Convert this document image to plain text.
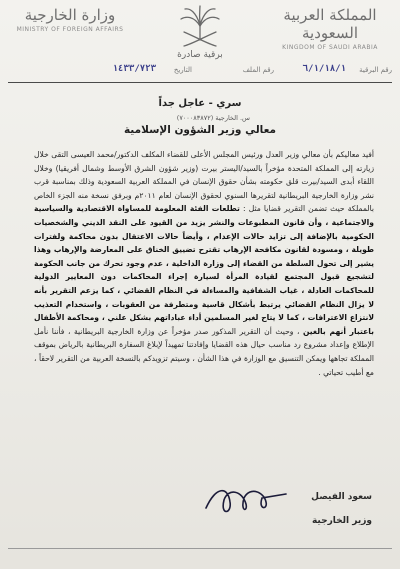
المملكة العربية السعودية
KINGDOM OF SAUDI ARABIA
وزارة الخارجية
MINISTRY OF FOREIGN AFFAIRS
برقية صادرة
رقم البرقية
٦/١/١٨/١
رقم الملف
التاريخ
١٤٣٣/٧٢٣
سري - عاجل جداً
س. الخارجية (٧٠٠٠٨٣٨٧٢)
معالي وزير الشؤون الإسلامية

أفيد معاليكم بأن معالي وزير العدل ورئيس المجلس الأعلى للقضاء المكلف الدكتور/محمد العيسى التقى خلال زيارته إلى المملكة المتحدة مؤخراً بالسيد/اليستر بيرت (وزير شؤون الشرق الأوسط وشمال أفريقيا) وخلال اللقاء أبدى السيد/بيرت قلق حكومته بشأن حقوق الإنسان في المملكة العربية السعودية وذلك بمناسبة قرب نشر وزارة الخارجية البريطانية لتقريرها السنوي لحقوق الإنسان لعام ٢٠١١م وبرفق نسخة منه الجزء الخاص بالمملكة حيث تضمن التقرير قضايا مثل : تطلعات الفئة المعلومة للمساواة الاقتصادية والسياسية والاجتماعية ، وأن قانون المطبوعات والنشر يزيد من القيود على النقد الديني والشخصيات الحكومية بالإضافة إلى تزايد حالات الإعدام ، وأيضاً حالات الاعتقال بدون محاكمة ولفترات طويلة ، ومسودة لقانون مكافحة الإرهاب تقترح تضييق الخناق على المعارضة والإرهاب وهذا يشير إلى تحول السلطة من القضاء إلى وزارة الداخلية ، عدم وجود تحرك من جانب الحكومة لتشجيع قبول المجتمع لقيادة المرأة لسيارة إجراء المحاكمات دون المعايير الدولية للمحاكمات العادلة ، غياب الشفافية والمساءلة في النظام القضائي ، كما يزعم التقرير بأنه لا يزال النظام القضائي يرتبط بأشكال قاسية ومتطرفة من العقوبات ، واستخدام التعذيب لانتزاع الاعترافات ، كما لا يتاح لغير المسلمين أداء عباداتهم بشكل علني ، ومحاكمة الأطفال باعتبار أنهم بالغين ، وحيث أن التقرير المذكور صدر مؤخراً عن وزارة الخارجية البريطانية ، فأننا نأمل الإطلاع وإعداد مشروع رد مناسب حيال هذه القضايا وإفادتنا تمهيداً لإبلاغ السفارة البريطانية بالرياض بموقف المملكة تجاهها ويمكن التنسيق مع الوزارة في هذا الشأن ، وسيتم تزويدكم بالنسخة العربية من التقرير لاحقاً ، مع أطيب تحياتي .

سعود الفيصل
وزير الخارجية
